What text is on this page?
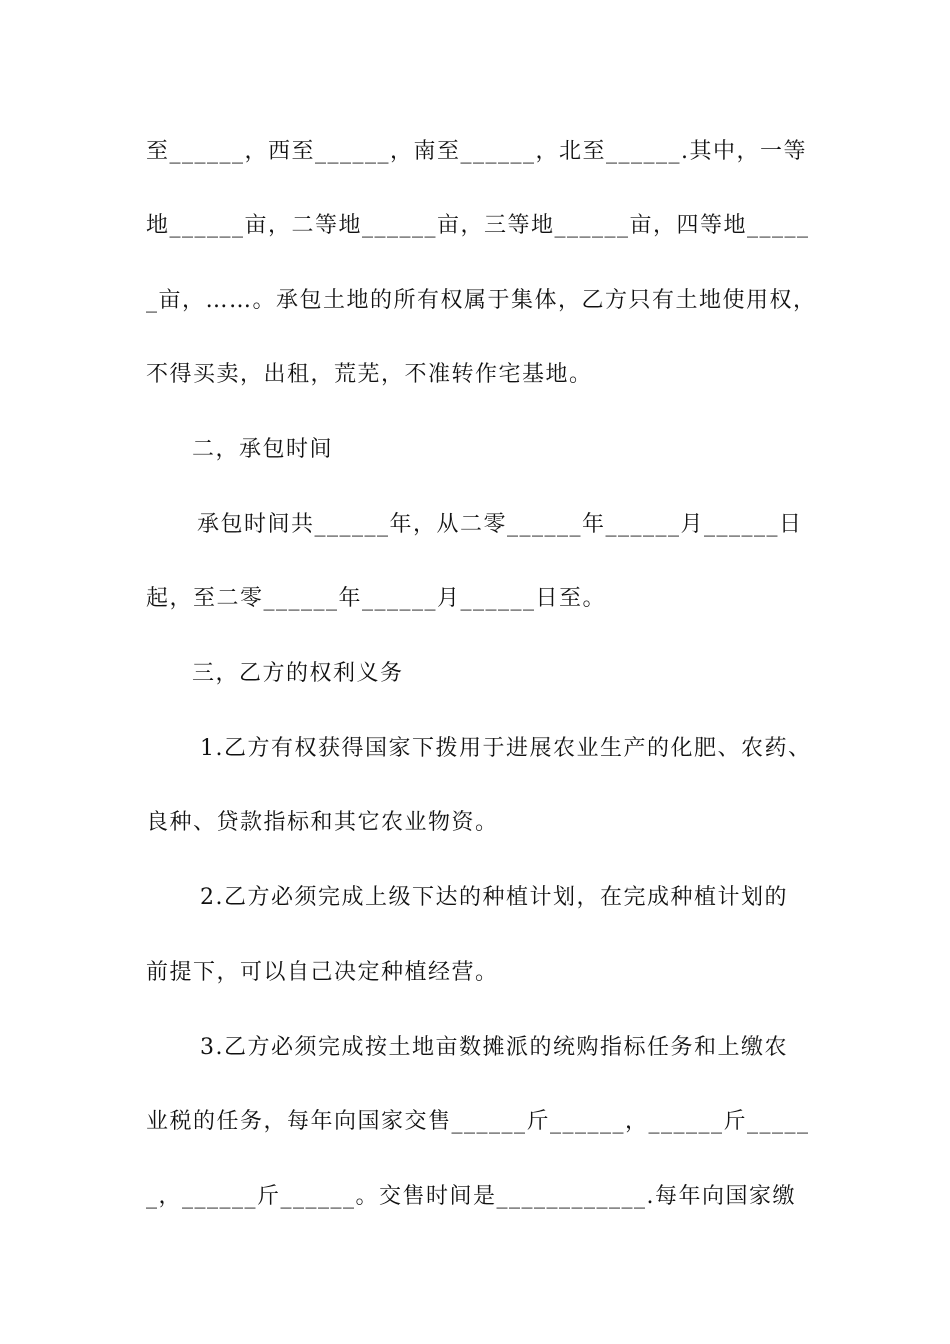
至______，西至______，南至______，北至______.其中，一等
地______亩，二等地______亩，三等地______亩，四等地_____
_亩，……。承包土地的所有权属于集体，乙方只有土地使用权，
不得买卖，出租，荒芜，不准转作宅基地。
二，承包时间
承包时间共______年，从二零______年______月______日
起，至二零______年______月______日至。
三，乙方的权利义务
1.乙方有权获得国家下拨用于进展农业生产的化肥、农药、
良种、贷款指标和其它农业物资。
2.乙方必须完成上级下达的种植计划，在完成种植计划的
前提下，可以自己决定种植经营。
3.乙方必须完成按土地亩数摊派的统购指标任务和上缴农
业税的任务，每年向国家交售______斤______，______斤_____
_，______斤______。交售时间是____________.每年向国家缴
